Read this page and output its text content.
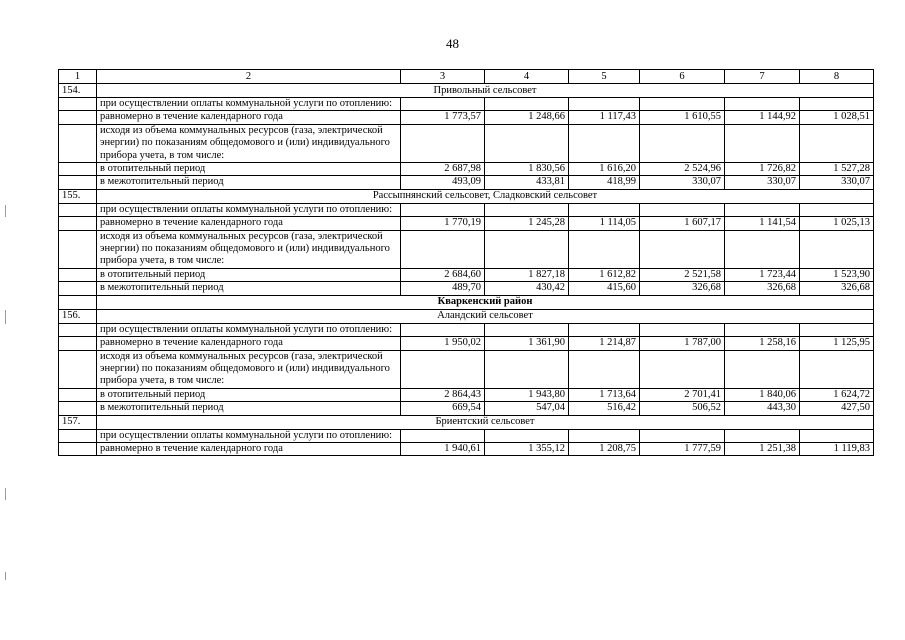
48
1	2	3	4	5	6	7	8
154.	Привольный сельсовет						
	при осуществлении оплаты коммунальной услуги по отоплению:						
	равномерно в течение календарного года	1 773,57	1 248,66	1 117,43	1 610,55	1 144,92	1 028,51
	исходя из объема коммунальных ресурсов (газа, электрической энергии) по показаниям общедомового и (или) индивидуального прибора учета, в том числе:						
	в отопительный период	2 687,98	1 830,56	1 616,20	2 524,96	1 726,82	1 527,28
	в межотопительный период	493,09	433,81	418,99	330,07	330,07	330,07
155.	Рассыпнянский сельсовет, Сладковский сельсовет						
	при осуществлении оплаты коммунальной услуги по отоплению:						
	равномерно в течение календарного года	1 770,19	1 245,28	1 114,05	1 607,17	1 141,54	1 025,13
	исходя из объема коммунальных ресурсов (газа, электрической энергии) по показаниям общедомового и (или) индивидуального прибора учета, в том числе:						
	в отопительный период	2 684,60	1 827,18	1 612,82	2 521,58	1 723,44	1 523,90
	в межотопительный период	489,70	430,42	415,60	326,68	326,68	326,68
	Кваркенский район						
156.	Аландский сельсовет						
	при осуществлении оплаты коммунальной услуги по отоплению:						
	равномерно в течение календарного года	1 950,02	1 361,90	1 214,87	1 787,00	1 258,16	1 125,95
	исходя из объема коммунальных ресурсов (газа, электрической энергии) по показаниям общедомового и (или) индивидуального прибора учета, в том числе:						
	в отопительный период	2 864,43	1 943,80	1 713,64	2 701,41	1 840,06	1 624,72
	в межотопительный период	669,54	547,04	516,42	506,52	443,30	427,50
157.	Бриентский сельсовет						
	при осуществлении оплаты коммунальной услуги по отоплению:						
	равномерно в течение календарного года	1 940,61	1 355,12	1 208,75	1 777,59	1 251,38	1 119,83
